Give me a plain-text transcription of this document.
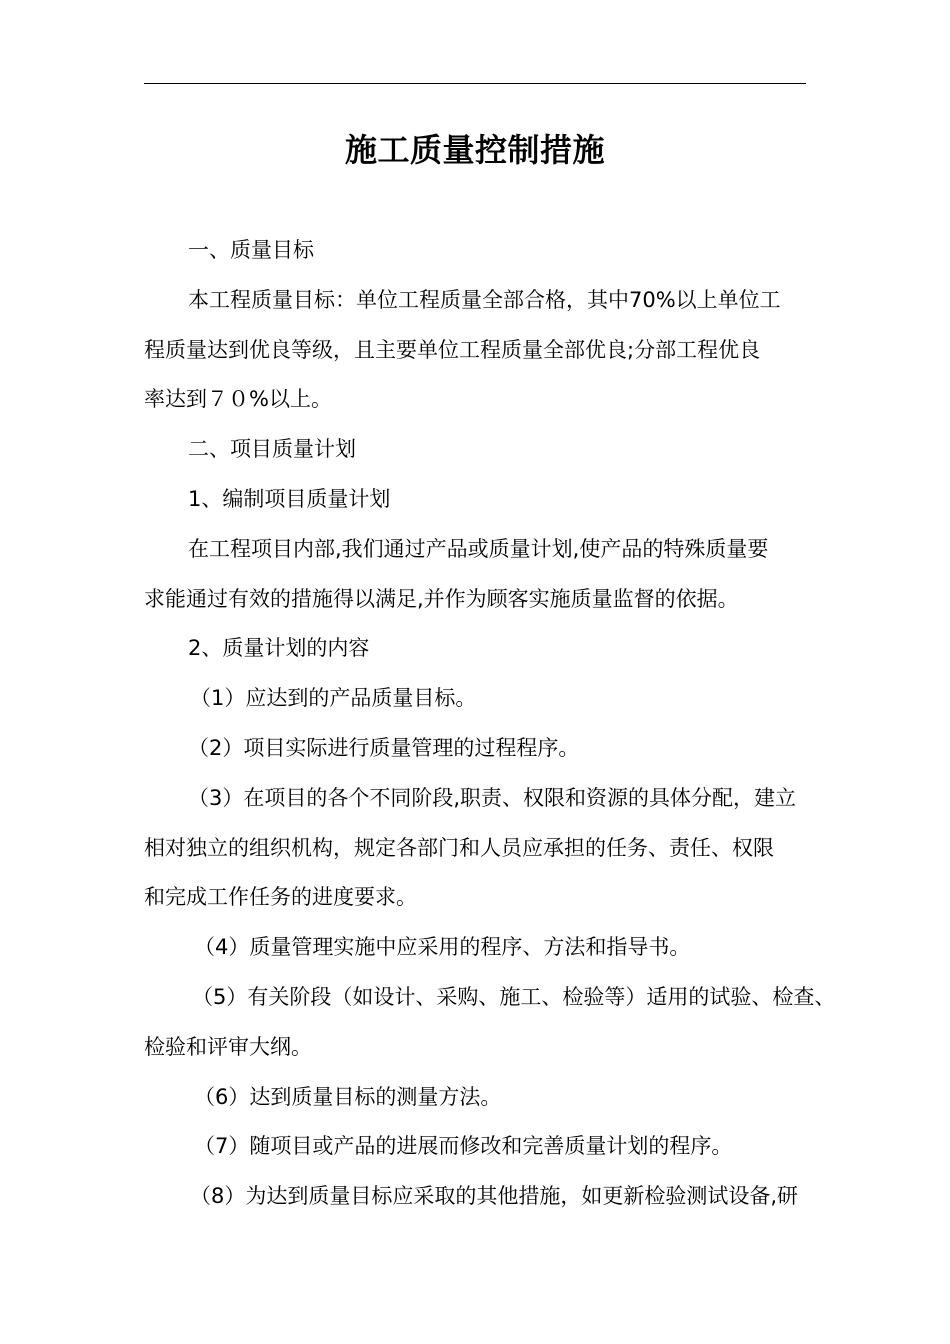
施工质量控制措施
一、质量目标
本工程质量目标：单位工程质量全部合格，其中70%以上单位工
程质量达到优良等级，且主要单位工程质量全部优良;分部工程优良
率达到７０%以上。
二、项目质量计划
1、编制项目质量计划
在工程项目内部,我们通过产品或质量计划,使产品的特殊质量要
求能通过有效的措施得以满足,并作为顾客实施质量监督的依据。
2、质量计划的内容
（1）应达到的产品质量目标。
（2）项目实际进行质量管理的过程程序。
（3）在项目的各个不同阶段,职责、权限和资源的具体分配，建立
相对独立的组织机构，规定各部门和人员应承担的任务、责任、权限
和完成工作任务的进度要求。
（4）质量管理实施中应采用的程序、方法和指导书。
（5）有关阶段（如设计、采购、施工、检验等）适用的试验、检查、
检验和评审大纲。
（6）达到质量目标的测量方法。
（7）随项目或产品的进展而修改和完善质量计划的程序。
（8）为达到质量目标应采取的其他措施，如更新检验测试设备,研
